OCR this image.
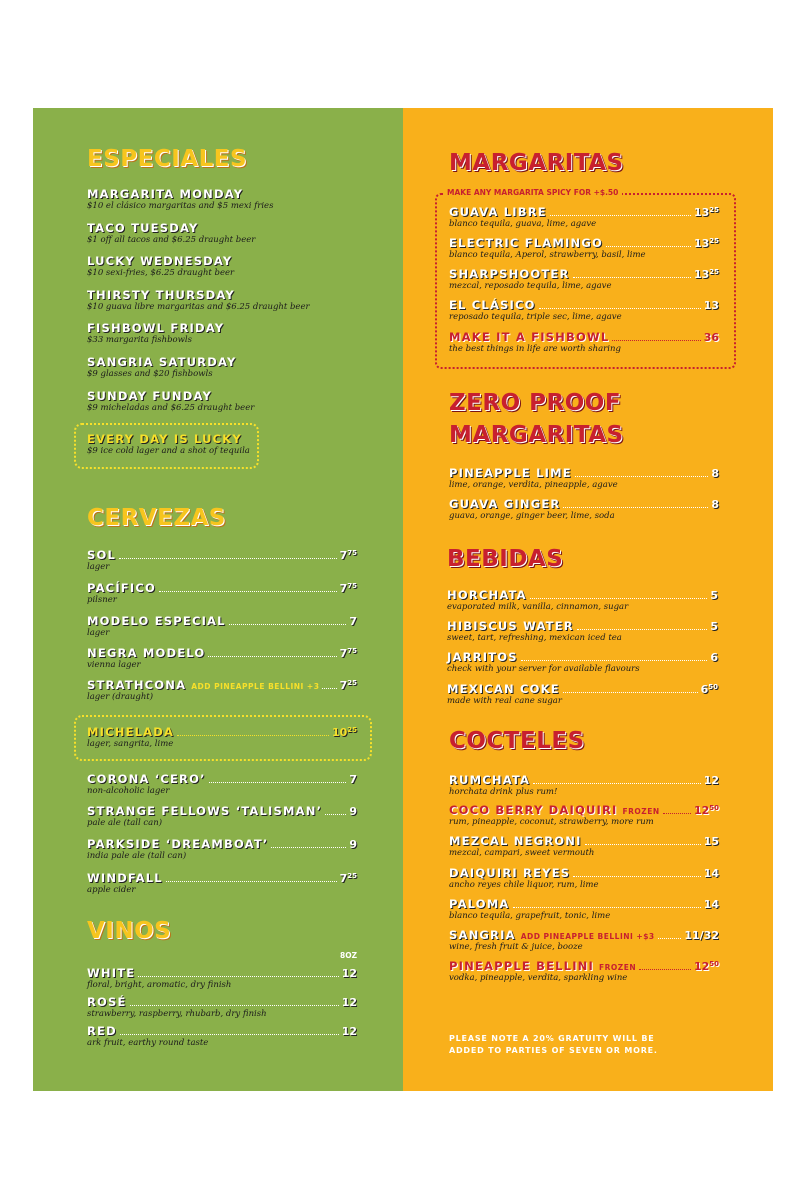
ESPECIALES
MARGARITA MONDAY
$10 el clásico margaritas and $5 mexi fries
TACO TUESDAY
$1 off all tacos and $6.25 draught beer
LUCKY WEDNESDAY
$10 sexi-fries, $6.25 draught beer
THIRSTY THURSDAY
$10 guava libre margaritas and $6.25 draught beer
FISHBOWL FRIDAY
$33 margarita fishbowls
SANGRIA SATURDAY
$9 glasses and $20 fishbowls
SUNDAY FUNDAY
$9 micheladas and $6.25 draught beer
EVERY DAY IS LUCKY
$9 ice cold lager and a shot of tequila
CERVEZAS
SOL	$7^{75}$
lager
PACÍFICO	$7^{75}$
pilsner
MODELO ESPECIAL	7
lager
NEGRA MODELO	$7^{75}$
vienna lager
STRATHCONA ADD PINEAPPLE BELLINI +3 $7^{25}$
lager (draught)
MICHELADA	$10^{25}$
lager, sangrita, lime
CORONA ‘CERO’	7
non-alcoholic lager
STRANGE FELLOWS ‘TALISMAN’ 9
pale ale (tall can)
PARKSIDE ‘DREAMBOAT’	9
india pale ale (tall can)
WINDFALL	$7^{25}$
apple cider
VINOS
8OZ
WHITE	12
floral, bright, aromatic, dry finish
ROSÉ	12
strawberry, raspberry, rhubarb, dry finish
RED	12
ark fruit, earthy round taste
MARGARITAS
MAKE ANY MARGARITA SPICY FOR +$.50
GUAVA LIBRE	$13^{25}$
blanco tequila, guava, lime, agave
ELECTRIC FLAMINGO	$13^{25}$
blanco tequila, Aperol, strawberry, basil, lime
SHARPSHOOTER	$13^{25}$
mezcal, reposado tequila, lime, agave
EL CLÁSICO	13
reposado tequila, triple sec, lime, agave
MAKE IT A FISHBOWL	36
the best things in life are worth sharing
ZERO PROOF
MARGARITAS
PINEAPPLE LIME	8
lime, orange, verdita, pineapple, agave
GUAVA GINGER	8
guava, orange, ginger beer, lime, soda
BEBIDAS
HORCHATA	5
evaporated milk, vanilla, cinnamon, sugar
HIBISCUS WATER	5
sweet, tart, refreshing, mexican iced tea
JARRITOS	6
check with your server for available flavours
MEXICAN COKE	$6^{50}$
made with real cane sugar
COCTELES
RUMCHATA	12
horchata drink plus rum!
COCO BERRY DAIQUIRI FROZEN	$12^{50}$
rum, pineapple, coconut, strawberry, more rum
MEZCAL NEGRONI	15
mezcal, campari, sweet vermouth
DAIQUIRI REYES	14
ancho reyes chile liquor, rum, lime
PALOMA	14
blanco tequila, grapefruit, tonic, lime
SANGRIA ADD PINEAPPLE BELLINI +$3	11/32
wine, fresh fruit & juice, booze
PINEAPPLE BELLINI FROZEN	$12^{50}$
vodka, pineapple, verdita, sparkling wine
PLEASE NOTE A 20% GRATUITY WILL BE
ADDED TO PARTIES OF SEVEN OR MORE.
